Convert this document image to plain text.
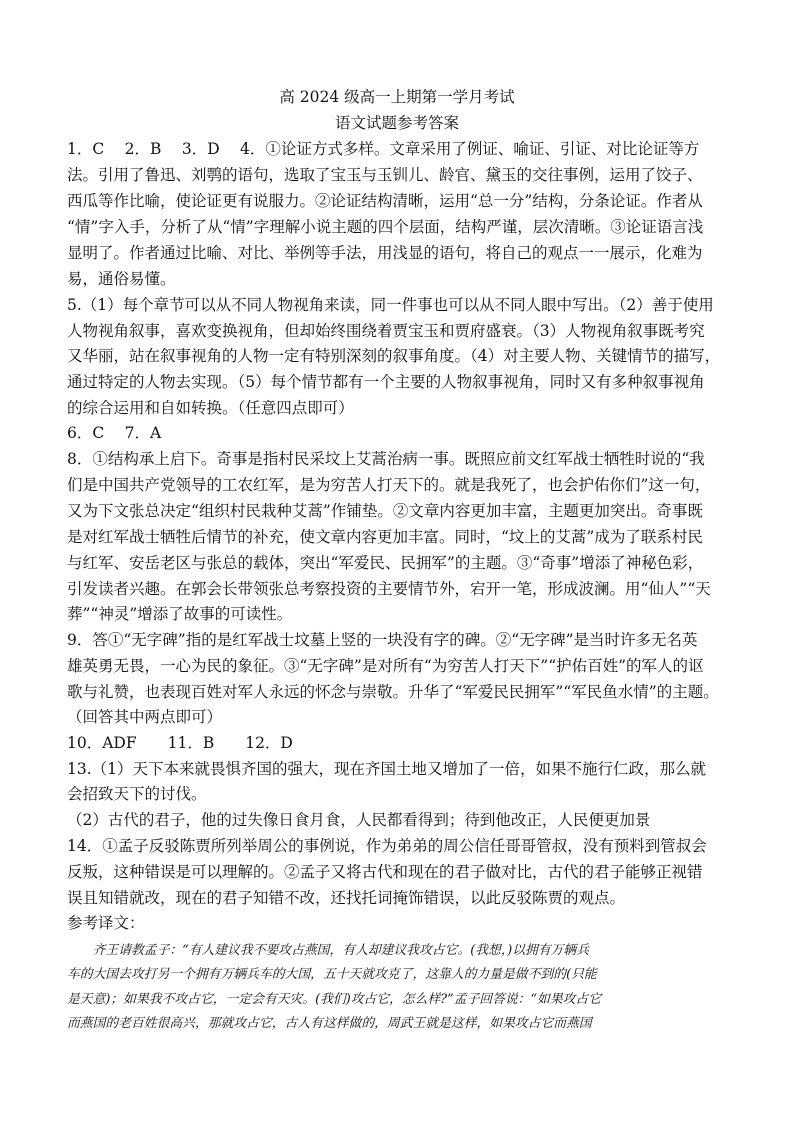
高 2024 级高一上期第一学月考试
语文试题参考答案
1．C　 2．B　 3．D　 4．①论证方式多样。文章采用了例证、喻证、引证、对比论证等方
法。引用了鲁迅、刘鹗的语句，选取了宝玉与玉钏儿、龄官、黛玉的交往事例，运用了饺子、
西瓜等作比喻，使论证更有说服力。②论证结构清晰，运用“总一分”结构，分条论证。作者从
“情”字入手，分析了从“情”字理解小说主题的四个层面，结构严谨，层次清晰。③论证语言浅
显明了。作者通过比喻、对比、举例等手法，用浅显的语句，将自己的观点一一展示，化难为
易，通俗易懂。
5.（1）每个章节可以从不同人物视角来读，同一件事也可以从不同人眼中写出。（2）善于使用
人物视角叙事，喜欢变换视角，但却始终围绕着贾宝玉和贾府盛衰。（3）人物视角叙事既考究
又华丽，站在叙事视角的人物一定有特别深刻的叙事角度。（4）对主要人物、关键情节的描写，
通过特定的人物去实现。（5）每个情节都有一个主要的人物叙事视角，同时又有多种叙事视角
的综合运用和自如转换。（任意四点即可）
6．C　 7．A
8．①结构承上启下。奇事是指村民采坟上艾蒿治病一事。既照应前文红军战士牺牲时说的“我
们是中国共产党领导的工农红军，是为穷苦人打天下的。就是我死了，也会护佑你们”这一句，
又为下文张总决定“组织村民栽种艾蒿”作铺垫。②文章内容更加丰富，主题更加突出。奇事既
是对红军战士牺牲后情节的补充，使文章内容更加丰富。同时，“坟上的艾蒿”成为了联系村民
与红军、安岳老区与张总的载体，突出“军爱民、民拥军”的主题。③“奇事”增添了神秘色彩，
引发读者兴趣。在郭会长带领张总考察投资的主要情节外，宕开一笔，形成波澜。用“仙人”“天
葬”“神灵”增添了故事的可读性。
9．答①“无字碑”指的是红军战士坟墓上竖的一块没有字的碑。②“无字碑”是当时许多无名英
雄英勇无畏，一心为民的象征。③“无字碑”是对所有“为穷苦人打天下”“护佑百姓”的军人的讴
歌与礼赞，也表现百姓对军人永远的怀念与崇敬。升华了“军爱民民拥军”“军民鱼水情”的主题。
（回答其中两点即可）
10．ADF　　11．B　　12．D
13.（1）天下本来就畏惧齐国的强大，现在齐国土地又增加了一倍，如果不施行仁政，那么就
会招致天下的讨伐。
（2）古代的君子，他的过失像日食月食，人民都看得到；待到他改正，人民便更加景
14．①孟子反驳陈贾所列举周公的事例说，作为弟弟的周公信任哥哥管叔，没有预料到管叔会
反叛，这种错误是可以理解的。②孟子又将古代和现在的君子做对比，古代的君子能够正视错
误且知错就改，现在的君子知错不改，还找托词掩饰错误，以此反驳陈贾的观点。
参考译文：
　　齐王请教孟子：“有人建议我不要攻占燕国，有人却建议我攻占它。(我想，)以拥有万辆兵
车的大国去攻打另一个拥有万辆兵车的大国，五十天就攻克了，这靠人的力量是做不到的(只能
是天意)；如果我不攻占它，一定会有天灾。(我们)攻占它，怎么样?”孟子回答说：“如果攻占它
而燕国的老百姓很高兴，那就攻占它，古人有这样做的，周武王就是这样，如果攻占它而燕国
